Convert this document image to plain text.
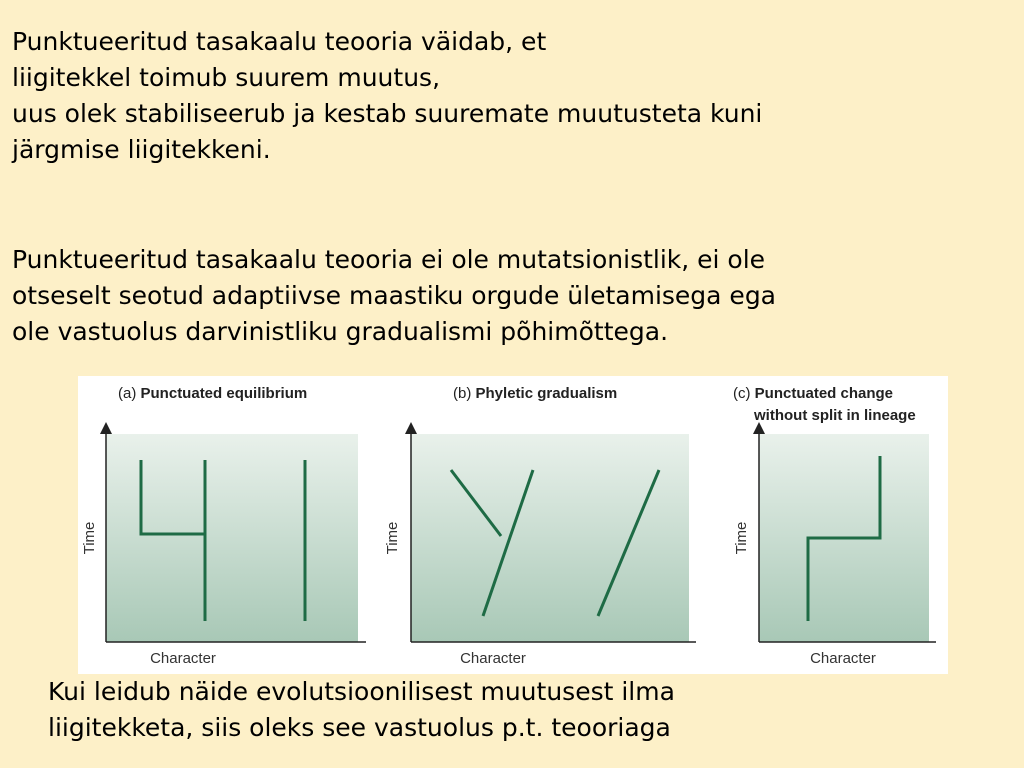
Punktueeritud tasakaalu teooria väidab, et
liigitekkel toimub suurem muutus,
uus olek stabiliseerub ja kestab suuremate muutusteta kuni
järgmise liigitekkeni.
Punktueeritud tasakaalu teooria ei ole mutatsionistlik, ei ole
otseselt seotud adaptiivse maastiku orgude ületamisega ega
ole vastuolus darvinistliku gradualismi põhimõttega.
(a) Punctuated equilibrium
Time
Character
(b) Phyletic gradualism
Time
Character
(c) Punctuated change
without split in lineage
Time
Character
Kui leidub näide evolutsioonilisest muutusest ilma
liigitekketa, siis oleks see vastuolus p.t. teooriaga
